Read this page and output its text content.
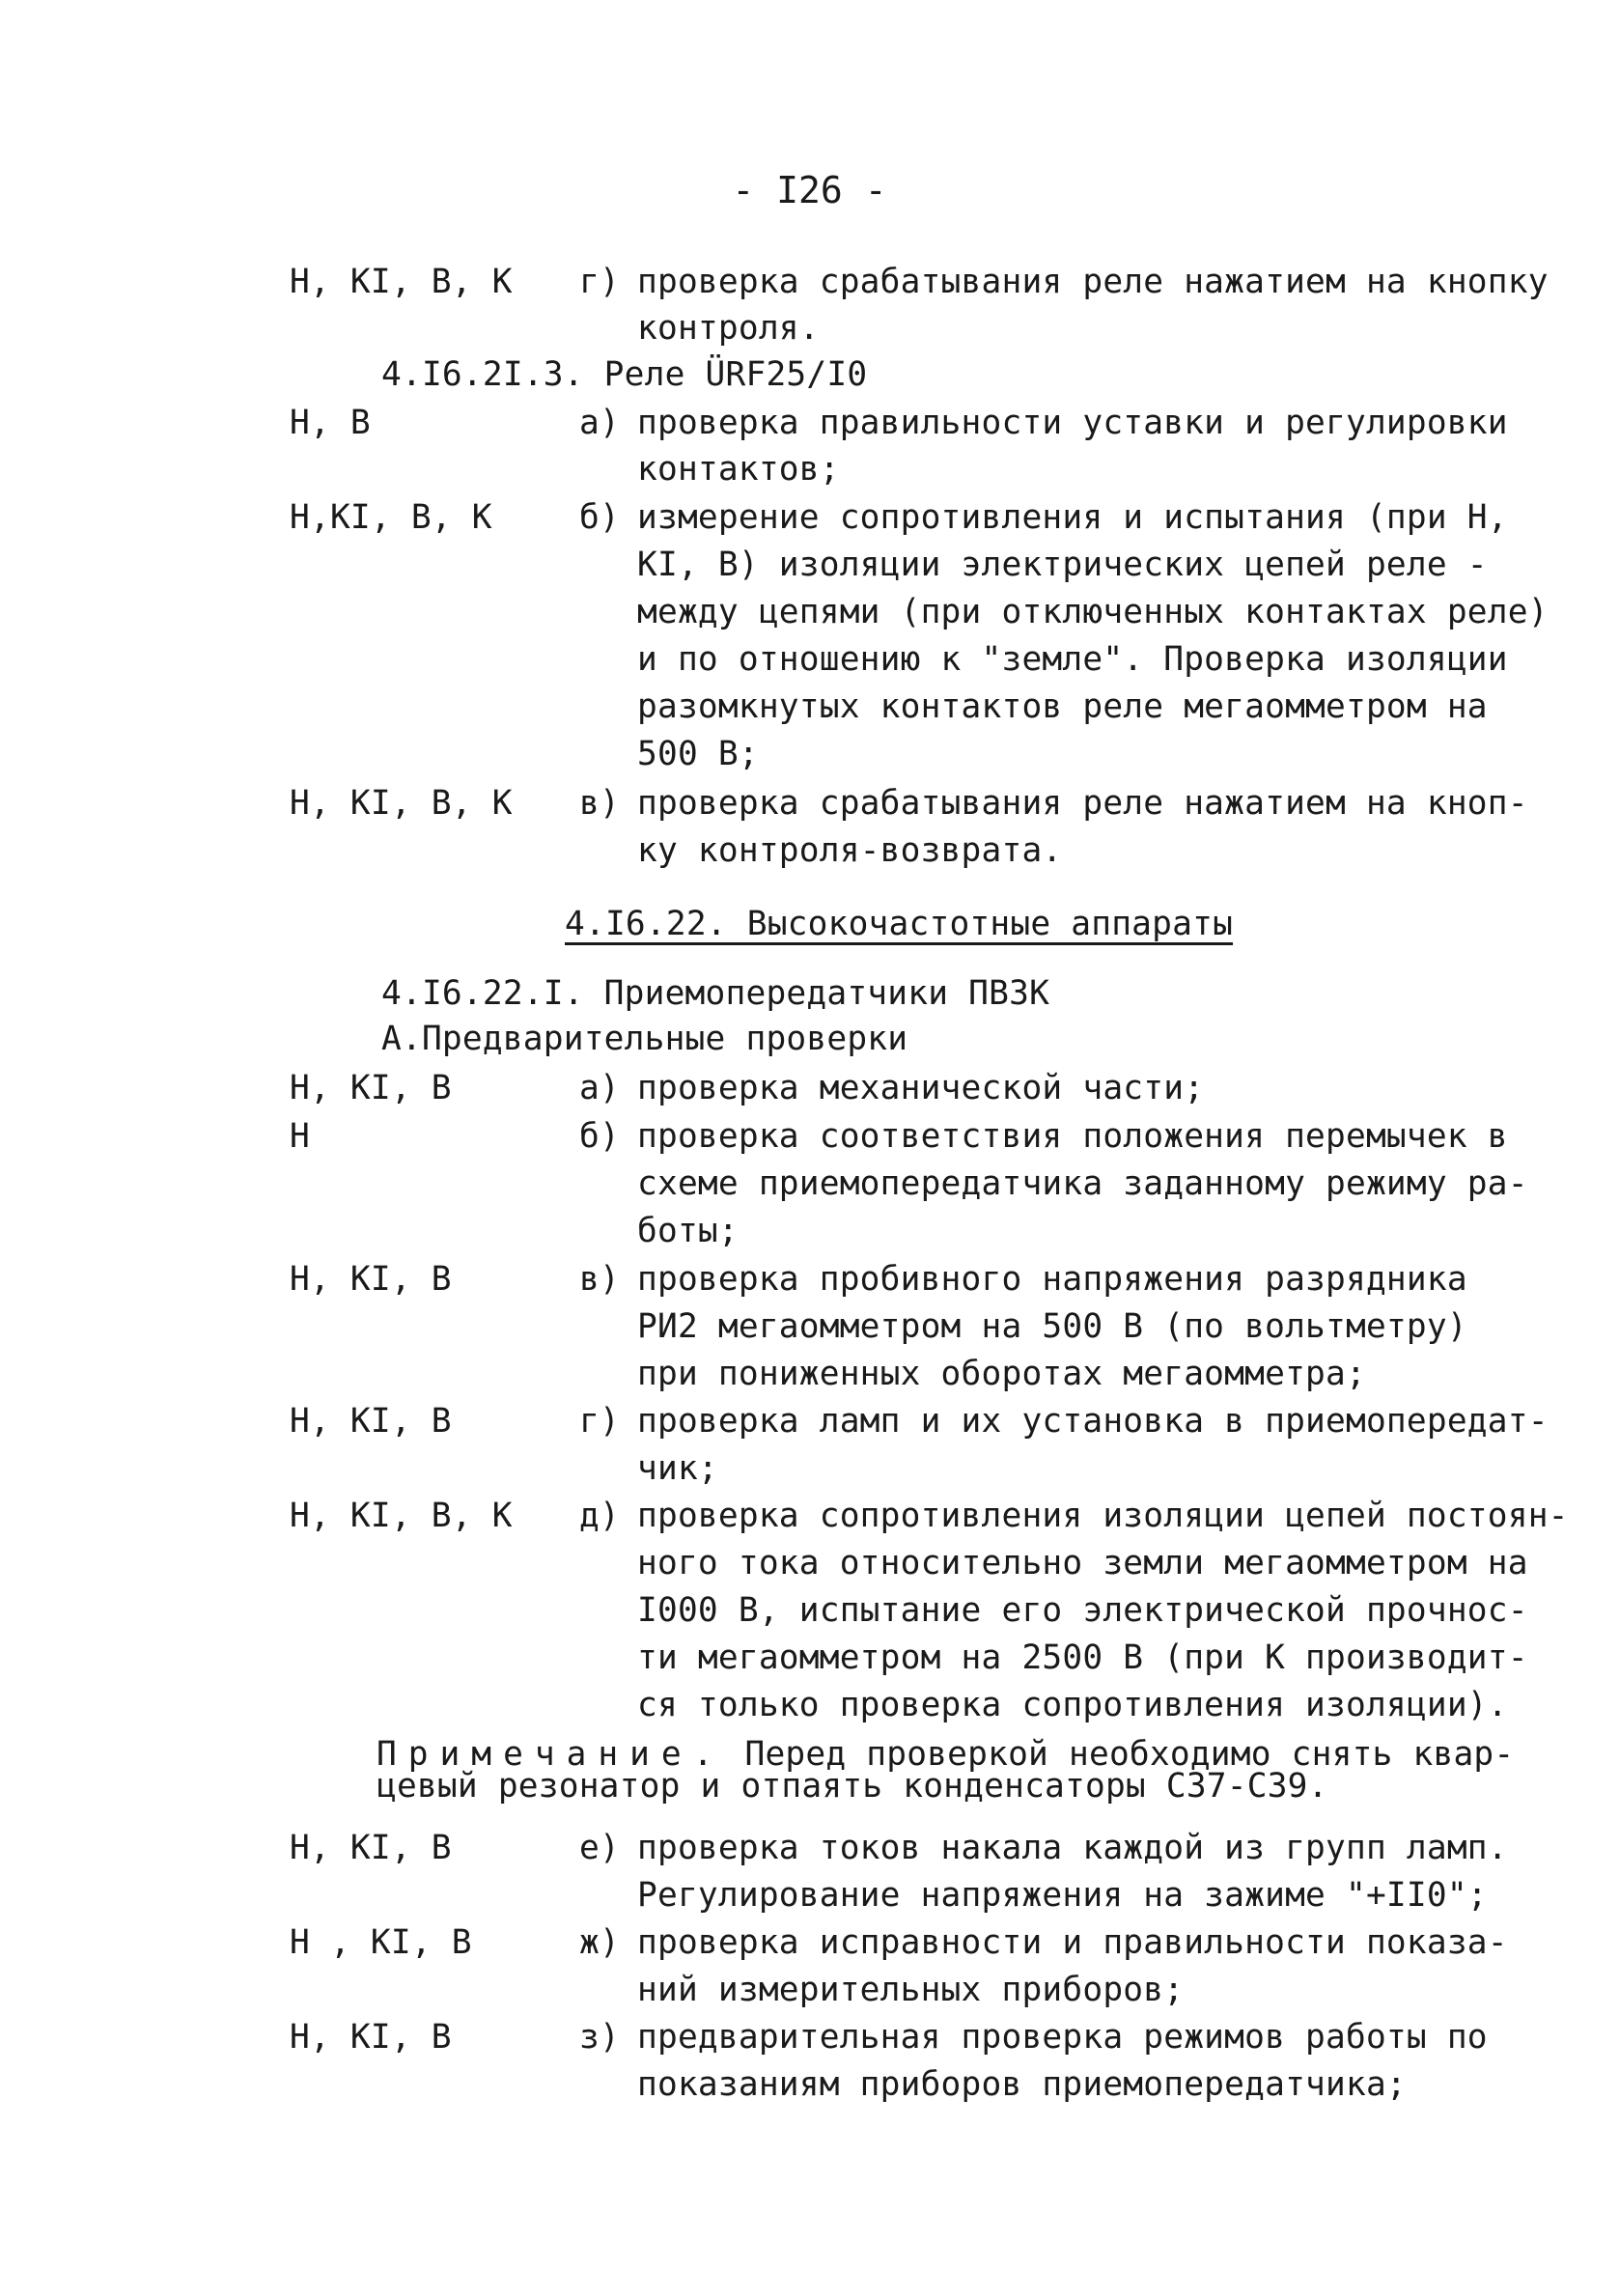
- I26 -
Н, КI, В, К г) проверка срабатывания реле нажатием на кнопку
контроля.
4.I6.2I.3. Реле ÜRF25/I0
Н, В	а) проверка правильности уставки и регулировки
контактов;
Н,КI, В, К	б) измерение сопротивления и испытания (при Н,
КI, В) изоляции электрических цепей реле -
между цепями (при отключенных контактах реле)
и по отношению к "земле". Проверка изоляции
разомкнутых контактов реле мегаомметром на
500 В;
Н, КI, В, К в) проверка срабатывания реле нажатием на кноп-
ку контроля-возврата.
4.I6.22. Высокочастотные аппараты
4.I6.22.I. Приемопередатчики ПВЗК
А.Предварительные проверки
Н, КI, В	а) проверка механической части;
Н	б) проверка соответствия положения перемычек в
схеме приемопередатчика заданному режиму ра-
боты;
Н, КI, В	в) проверка пробивного напряжения разрядника
РИ2 мегаомметром на 500 В (по вольтметру)
при пониженных оборотах мегаомметра;
Н, КI, В	г) проверка ламп и их установка в приемопередат-
чик;
Н, КI, В, К д) проверка сопротивления изоляции цепей постоян-
ного тока относительно земли мегаомметром на
I000 В, испытание его электрической прочнос-
ти мегаомметром на 2500 В (при К производит-
ся только проверка сопротивления изоляции).
Примечание. Перед проверкой необходимо снять квар-
цевый резонатор и отпаять конденсаторы С37-С39.
Н, КI, В	е) проверка токов накала каждой из групп ламп.
Регулирование напряжения на зажиме "+II0";
Н , КI, В	ж) проверка исправности и правильности показа-
ний измерительных приборов;
Н, КI, В	з) предварительная проверка режимов работы по
показаниям приборов приемопередатчика;
